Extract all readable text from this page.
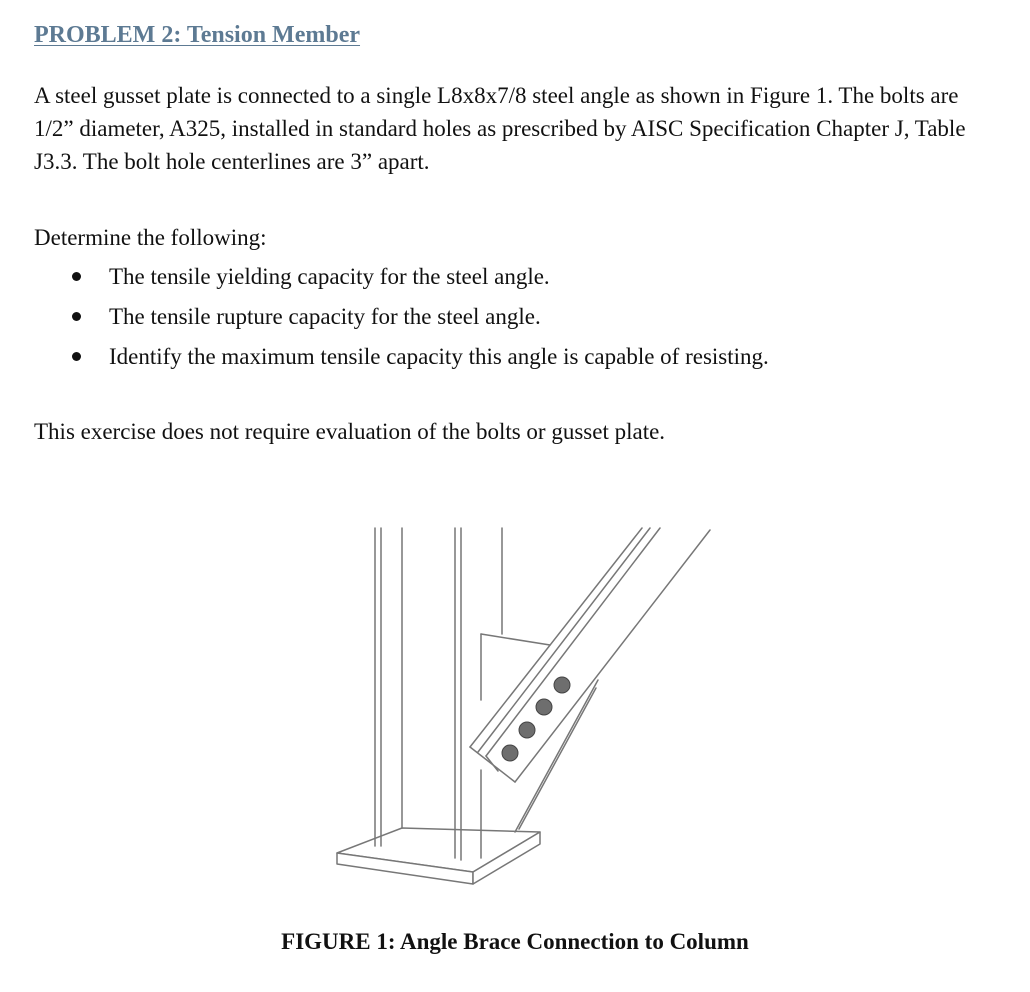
PROBLEM 2: Tension Member

A steel gusset plate is connected to a single L8x8x7/8 steel angle as shown in Figure 1. The bolts are 1/2” diameter, A325, installed in standard holes as prescribed by AISC Specification Chapter J, Table J3.3. The bolt hole centerlines are 3” apart.

Determine the following:

The tensile yielding capacity for the steel angle.
The tensile rupture capacity for the steel angle.
Identify the maximum tensile capacity this angle is capable of resisting.

This exercise does not require evaluation of the bolts or gusset plate.

FIGURE 1: Angle Brace Connection to Column
